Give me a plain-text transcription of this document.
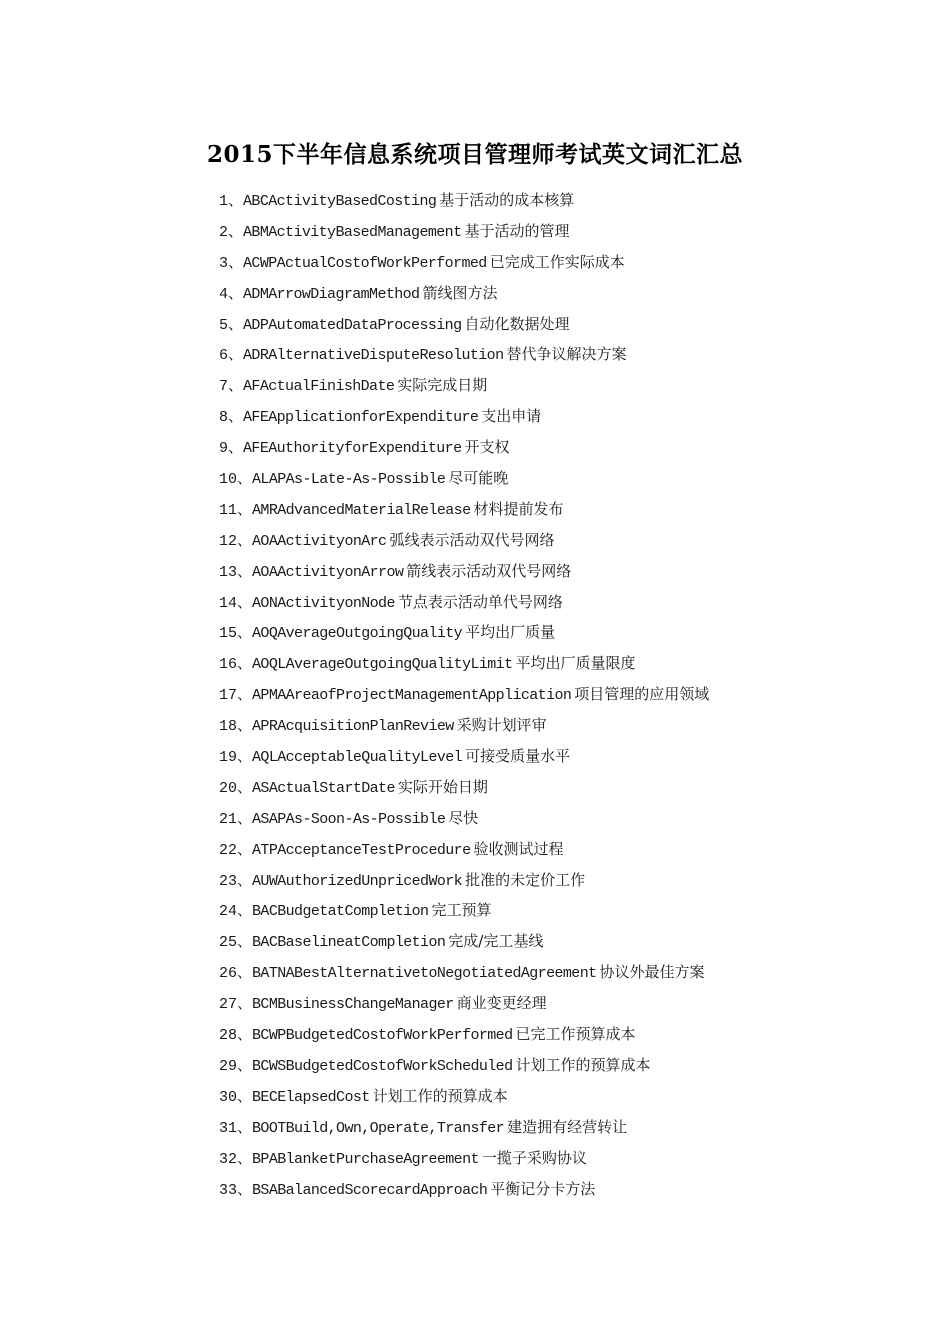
2015下半年信息系统项目管理师考试英文词汇汇总
1、ABCActivityBasedCosting 基于活动的成本核算
2、ABMActivityBasedManagement 基于活动的管理
3、ACWPActualCostofWorkPerformed 已完成工作实际成本
4、ADMArrowDiagramMethod 箭线图方法
5、ADPAutomatedDataProcessing 自动化数据处理
6、ADRAlternativeDisputeResolution 替代争议解决方案
7、AFActualFinishDate 实际完成日期
8、AFEApplicationforExpenditure 支出申请
9、AFEAuthorityforExpenditure 开支权
10、ALAPAs-Late-As-Possible 尽可能晚
11、AMRAdvancedMaterialRelease 材料提前发布
12、AOAActivityonArc 弧线表示活动双代号网络
13、AOAActivityonArrow 箭线表示活动双代号网络
14、AONActivityonNode 节点表示活动单代号网络
15、AOQAverageOutgoingQuality 平均出厂质量
16、AOQLAverageOutgoingQualityLimit 平均出厂质量限度
17、APMAAreaofProjectManagementApplication 项目管理的应用领域
18、APRAcquisitionPlanReview 采购计划评审
19、AQLAcceptableQualityLevel 可接受质量水平
20、ASActualStartDate 实际开始日期
21、ASAPAs-Soon-As-Possible 尽快
22、ATPAcceptanceTestProcedure 验收测试过程
23、AUWAuthorizedUnpricedWork 批准的未定价工作
24、BACBudgetatCompletion 完工预算
25、BACBaselineatCompletion 完成/完工基线
26、BATNABestAlternativetoNegotiatedAgreement 协议外最佳方案
27、BCMBusinessChangeManager 商业变更经理
28、BCWPBudgetedCostofWorkPerformed 已完工作预算成本
29、BCWSBudgetedCostofWorkScheduled 计划工作的预算成本
30、BECElapsedCost 计划工作的预算成本
31、BOOTBuild,Own,Operate,Transfer 建造拥有经营转让
32、BPABlanketPurchaseAgreement 一揽子采购协议
33、BSABalancedScorecardApproach 平衡记分卡方法
